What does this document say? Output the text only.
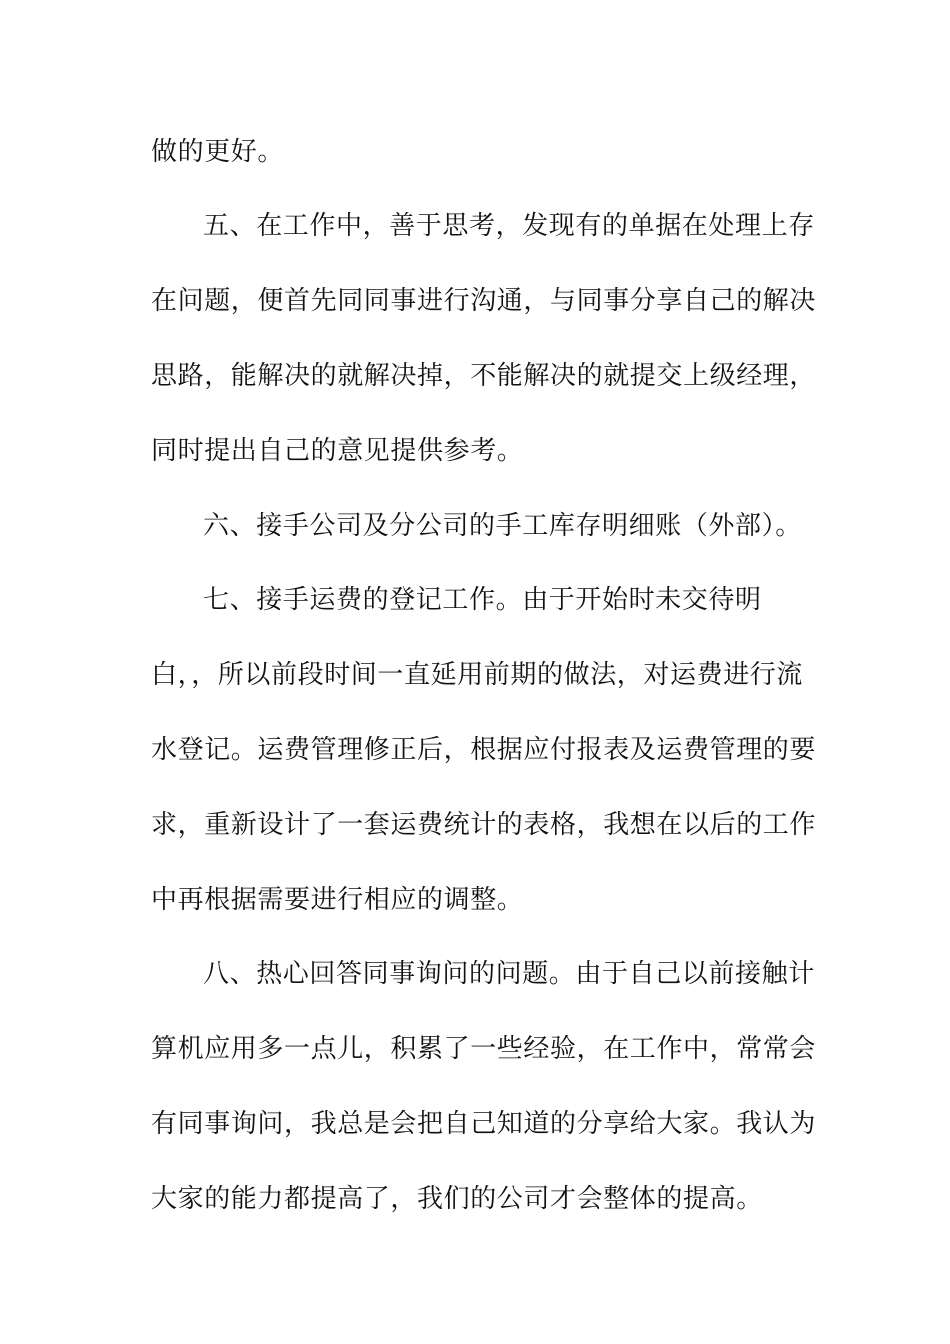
做的更好。
五、在工作中，善于思考，发现有的单据在处理上存
在问题，便首先同同事进行沟通，与同事分享自己的解决
思路，能解决的就解决掉，不能解决的就提交上级经理，
同时提出自己的意见提供参考。
六、接手公司及分公司的手工库存明细账（外部）。
七、接手运费的登记工作。由于开始时未交待明
白，，所以前段时间一直延用前期的做法，对运费进行流
水登记。运费管理修正后，根据应付报表及运费管理的要
求，重新设计了一套运费统计的表格，我想在以后的工作
中再根据需要进行相应的调整。
八、热心回答同事询问的问题。由于自己以前接触计
算机应用多一点儿，积累了一些经验，在工作中，常常会
有同事询问，我总是会把自己知道的分享给大家。我认为
大家的能力都提高了，我们的公司才会整体的提高。
